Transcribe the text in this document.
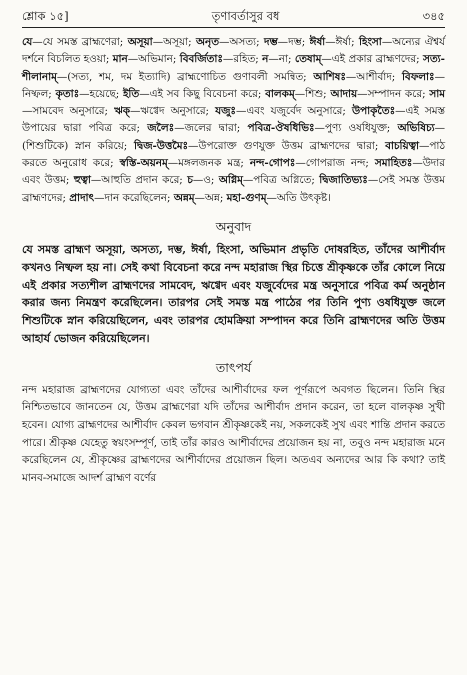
শ্লোক ১৫]	তৃণাবর্তাসুর বধ	৩৪৫

যে—যে সমস্ত ব্রাহ্মণেরা; অসূয়া—অসূয়া; অনৃত—অসত্য; দম্ভ—দম্ভ; ঈর্ষা—ঈর্ষা; হিংসা—অন্যের ঐশ্বর্য দর্শনে বিচলিত হওয়া; মান—অভিমান; বিবর্জিতাঃ—রহিত; ন—না; তেষাম্—এই প্রকার ব্রাহ্মণদের; সত্য-শীলানাম্—(সত্য, শম, দম ইত্যাদি) ব্রাহ্মণোচিত গুণাবলী সমন্বিত; আশিষঃ—আশীর্বাদ; বিফলাঃ—নিষ্ফল; কৃতাঃ—হয়েছে; ইতি—এই সব কিছু বিবেচনা করে; বালকম্—শিশু; আদায়—সম্পাদন করে; সাম—সামবেদ অনুসারে; ঋক্—ঋগ্বেদ অনুসারে; যজুঃ—এবং যজুর্বেদ অনুসারে; উপাকৃতৈঃ—এই সমস্ত উপায়ের দ্বারা পবিত্র করে; জলৈঃ—জলের দ্বারা; পবিত্র-ঔষধিভিঃ—পুণ্য ওষধিযুক্ত; অভিষিচ্য—(শিশুটিকে) স্নান করিয়ে; দ্বিজ-উত্তমৈঃ—উপরোক্ত গুণযুক্ত উত্তম ব্রাহ্মণদের দ্বারা; বাচয়িত্বা—পাঠ করতে অনুরোধ করে; স্বস্তি-অয়নম্—মঙ্গলজনক মন্ত্র; নন্দ-গোপঃ—গোপরাজ নন্দ; সমাহিতঃ—উদার এবং উত্তম; হুত্বা—আহুতি প্রদান করে; চ—ও; অগ্নিম্—পবিত্র অগ্নিতে; দ্বিজাতিভ্যঃ—সেই সমস্ত উত্তম ব্রাহ্মণদের; প্রাদাৎ—দান করেছিলেন; অন্নম্—অন্ন; মহা-গুণম্—অতি উৎকৃষ্ট।

অনুবাদ

যে সমস্ত ব্রাহ্মণ অসূয়া, অসত্য, দম্ভ, ঈর্ষা, হিংসা, অভিমান প্রভৃতি দোষরহিত, তাঁদের আশীর্বাদ কখনও নিষ্ফল হয় না। সেই কথা বিবেচনা করে নন্দ মহারাজ স্থির চিত্তে শ্রীকৃষ্ণকে তাঁর কোলে নিয়ে এই প্রকার সত্যশীল ব্রাহ্মণদের সামবেদ, ঋগ্বেদ এবং যজুর্বেদের মন্ত্র অনুসারে পবিত্র কর্ম অনুষ্ঠান করার জন্য নিমন্ত্রণ করেছিলেন। তারপর সেই সমস্ত মন্ত্র পাঠের পর তিনি পুণ্য ওষধিযুক্ত জলে শিশুটিকে স্নান করিয়েছিলেন, এবং তারপর হোমক্রিয়া সম্পাদন করে তিনি ব্রাহ্মণদের অতি উত্তম আহার্য ভোজন করিয়েছিলেন।

তাৎপর্য

নন্দ মহারাজ ব্রাহ্মণদের যোগ্যতা এবং তাঁদের আশীর্বাদের ফল পূর্ণরূপে অবগত ছিলেন। তিনি স্থির নিশ্চিতভাবে জানতেন যে, উত্তম ব্রাহ্মণেরা যদি তাঁদের আশীর্বাদ প্রদান করেন, তা হলে বালকৃষ্ণ সুখী হবেন। যোগ্য ব্রাহ্মণদের আশীর্বাদ কেবল ভগবান শ্রীকৃষ্ণকেই নয়, সকলকেই সুখ এবং শান্তি প্রদান করতে পারে। শ্রীকৃষ্ণ যেহেতু স্বয়ংসম্পূর্ণ, তাই তাঁর কারও আশীর্বাদের প্রয়োজন হয় না, তবুও নন্দ মহারাজ মনে করেছিলেন যে, শ্রীকৃষ্ণের ব্রাহ্মণদের আশীর্বাদের প্রয়োজন ছিল। অতএব অন্যদের আর কি কথা? তাই মানব-সমাজে আদর্শ ব্রাহ্মণ বর্ণের
